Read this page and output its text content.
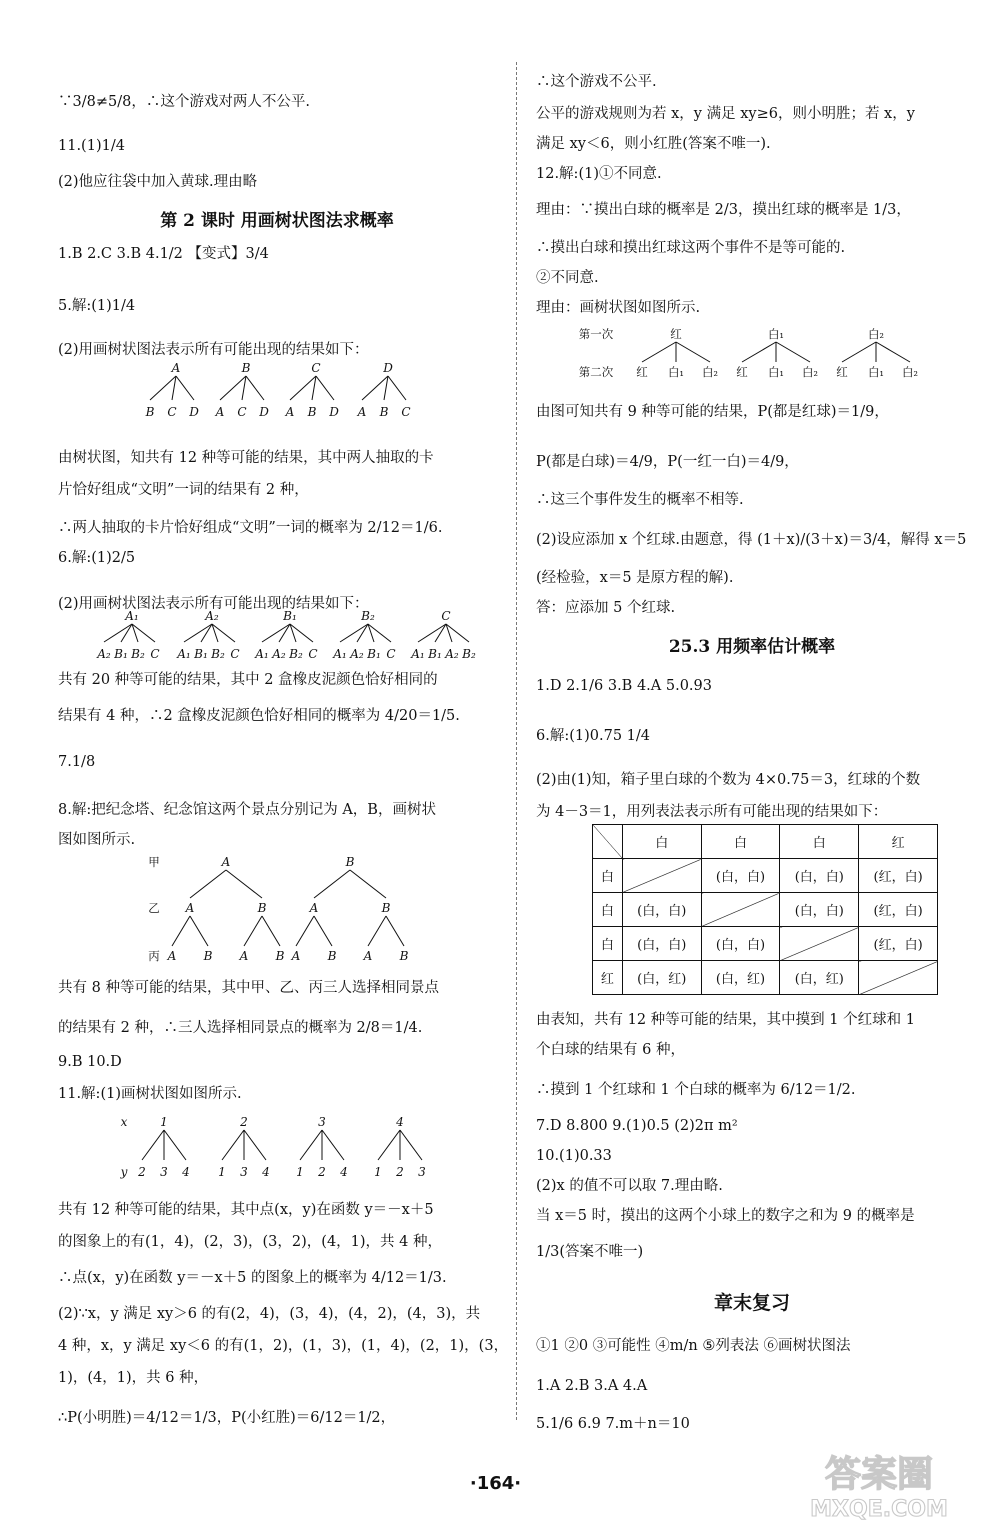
∵3/8≠5/8，∴这个游戏对两人不公平.
11.(1)1/4
(2)他应往袋中加入黄球.理由略
1.B 2.C 3.B 4.1/2 【变式】3/4
5.解:(1)1/4
(2)用画树状图法表示所有可能出现的结果如下：
由树状图，知共有 12 种等可能的结果，其中两人抽取的卡
片恰好组成“文明”一词的结果有 2 种，
∴两人抽取的卡片恰好组成“文明”一词的概率为 2/12＝1/6.
6.解:(1)2/5
(2)用画树状图法表示所有可能出现的结果如下：
共有 20 种等可能的结果，其中 2 盒橡皮泥颜色恰好相同的
结果有 4 种，∴2 盒橡皮泥颜色恰好相同的概率为 4/20＝1/5.
7.1/8
8.解:把纪念塔、纪念馆这两个景点分别记为 A，B，画树状
图如图所示.
共有 8 种等可能的结果，其中甲、乙、丙三人选择相同景点
的结果有 2 种，∴三人选择相同景点的概率为 2/8＝1/4.
9.B 10.D
11.解:(1)画树状图如图所示.
共有 12 种等可能的结果，其中点(x，y)在函数 y＝－x＋5
的图象上的有(1，4)，(2，3)，(3，2)，(4，1)，共 4 种，
∴点(x，y)在函数 y＝－x＋5 的图象上的概率为 4/12＝1/3.
(2)∵x，y 满足 xy＞6 的有(2，4)，(3，4)，(4，2)，(4，3)，共
4 种，x，y 满足 xy＜6 的有(1，2)，(1，3)，(1，4)，(2，1)，(3，
1)，(4，1)，共 6 种，
∴P(小明胜)＝4/12＝1/3，P(小红胜)＝6/12＝1/2，
第 2 课时 用画树状图法求概率
A
B C D
B
A C D
C
A B D
D
A B C
A₁
A₂ B₁ B₂ C
A₂
A₁ B₁ B₂ C
B₁
A₁ A₂ B₂ C
B₂
A₁ A₂ B₁ C
C
A₁ B₁ A₂ B₂
甲
乙
丙
A
A
A B
B
A B
B
A
A B
B
A B
x
y
1
2 3 4
2
1 3 4
3
1 2 4
4
1 2 3
∴这个游戏不公平.
公平的游戏规则为若 x，y 满足 xy≥6，则小明胜；若 x，y
满足 xy＜6，则小红胜(答案不唯一).
12.解:(1)①不同意.
理由：∵摸出白球的概率是 2/3，摸出红球的概率是 1/3，
∴摸出白球和摸出红球这两个事件不是等可能的.
②不同意.
理由：画树状图如图所示.
由图可知共有 9 种等可能的结果，P(都是红球)＝1/9，
P(都是白球)＝4/9，P(一红一白)＝4/9，
∴这三个事件发生的概率不相等.
(2)设应添加 x 个红球.由题意，得 (1＋x)/(3＋x)＝3/4，解得 x＝5
(经检验，x＝5 是原方程的解).
答：应添加 5 个红球.
1.D 2.1/6 3.B 4.A 5.0.93
6.解:(1)0.75 1/4
(2)由(1)知，箱子里白球的个数为 4×0.75＝3，红球的个数
为 4－3＝1，用列表法表示所有可能出现的结果如下：
由表知，共有 12 种等可能的结果，其中摸到 1 个红球和 1
个白球的结果有 6 种，
∴摸到 1 个红球和 1 个白球的概率为 6/12＝1/2.
7.D 8.800 9.(1)0.5 (2)2π m²
10.(1)0.33
(2)x 的值不可以取 7.理由略.
当 x＝5 时，摸出的这两个小球上的数字之和为 9 的概率是
1/3(答案不唯一)
①1 ②0 ③可能性 ④m/n ⑤列表法 ⑥画树状图法
1.A 2.B 3.A 4.A
5.1/6 6.9 7.m＋n＝10
25.3 用频率估计概率
章末复习
第一次
第二次
红	白₁	白₂
红 白₁ 白₂ 红 白₁ 白₂ 红 白₁ 白₂
	白	白	白	红
白		(白，白)	(白，白)	(红，白)
白	(白，白)		(白，白)	(红，白)
白	(白，白)	(白，白)		(红，白)
红	(白，红)	(白，红)	(白，红)	
·164·	答案圈
MXQE.COM
